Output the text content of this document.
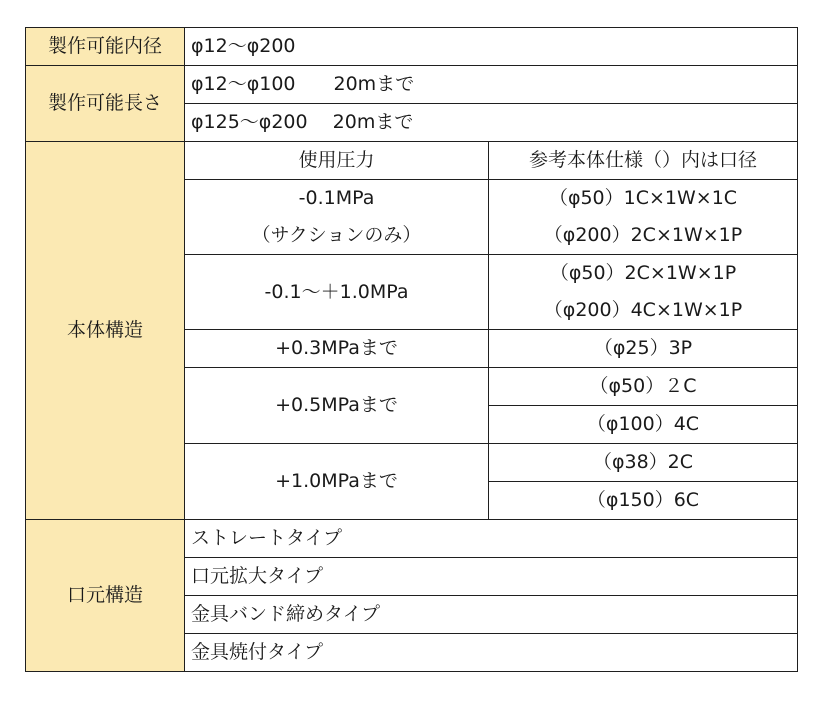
製作可能内径	φ12〜φ200	
製作可能長さ	φ12〜φ100　　20mまで	
	φ125〜φ200　 20mまで	
本体構造	使用圧力	参考本体仕様（）内は口径
	-0.1MPa	（φ50）1C×1W×1C
	（サクションのみ）	（φ200）2C×1W×1P
	-0.1〜＋1.0MPa	（φ50）2C×1W×1P
		（φ200）4C×1W×1P
	+0.3MPaまで	（φ25）3P
	+0.5MPaまで	（φ50）２C
		（φ100）4C
	+1.0MPaまで	（φ38）2C
		（φ150）6C
口元構造	ストレートタイプ	
	口元拡大タイプ	
	金具バンド締めタイプ	
	金具焼付タイプ	
